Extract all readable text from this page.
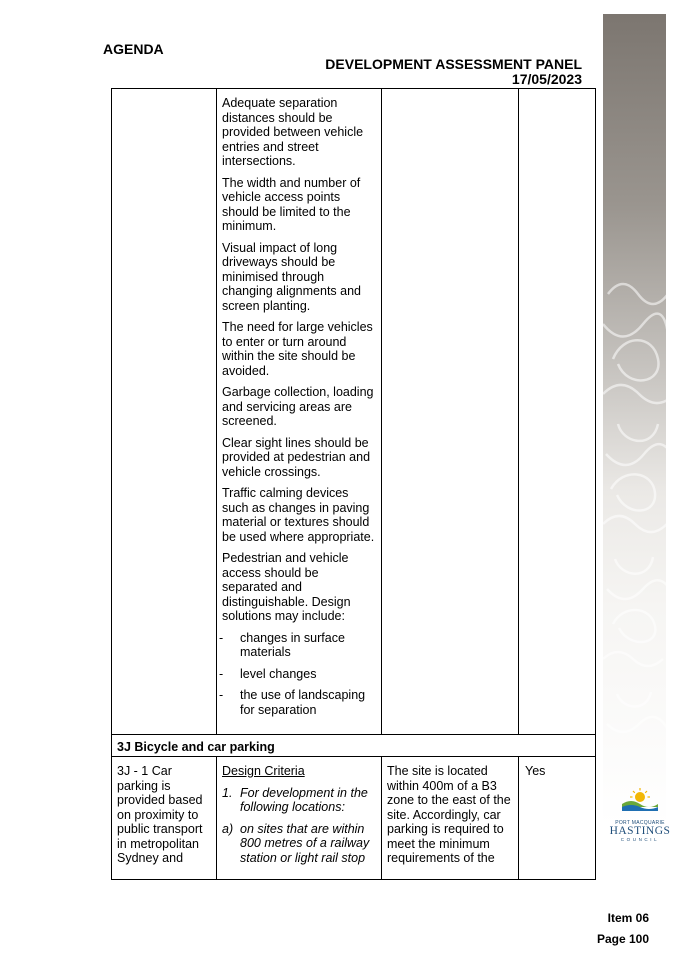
AGENDA
DEVELOPMENT ASSESSMENT PANEL
17/05/2023

Adequate separation distances should be provided between vehicle entries and street intersections.

The width and number of vehicle access points should be limited to the minimum.

Visual impact of long driveways should be minimised through changing alignments and screen planting.

The need for large vehicles to enter or turn around within the site should be avoided.

Garbage collection, loading and servicing areas are screened.

Clear sight lines should be provided at pedestrian and vehicle crossings.

Traffic calming devices such as changes in paving material or textures should be used where appropriate.

Pedestrian and vehicle access should be separated and distinguishable. Design solutions may include:

- changes in surface materials
- level changes
- the use of landscaping for separation
3J Bicycle and car parking
3J - 1 Car parking is provided based on proximity to public transport in metropolitan Sydney and

Design Criteria

1. For development in the following locations:
a) on sites that are within 800 metres of a railway station or light rail stop
The site is located within 400m of a B3 zone to the east of the site. Accordingly, car parking is required to meet the minimum requirements of the
Yes
PORT MACQUARIE
HASTINGS
COUNCIL
Item 06
Page 100
